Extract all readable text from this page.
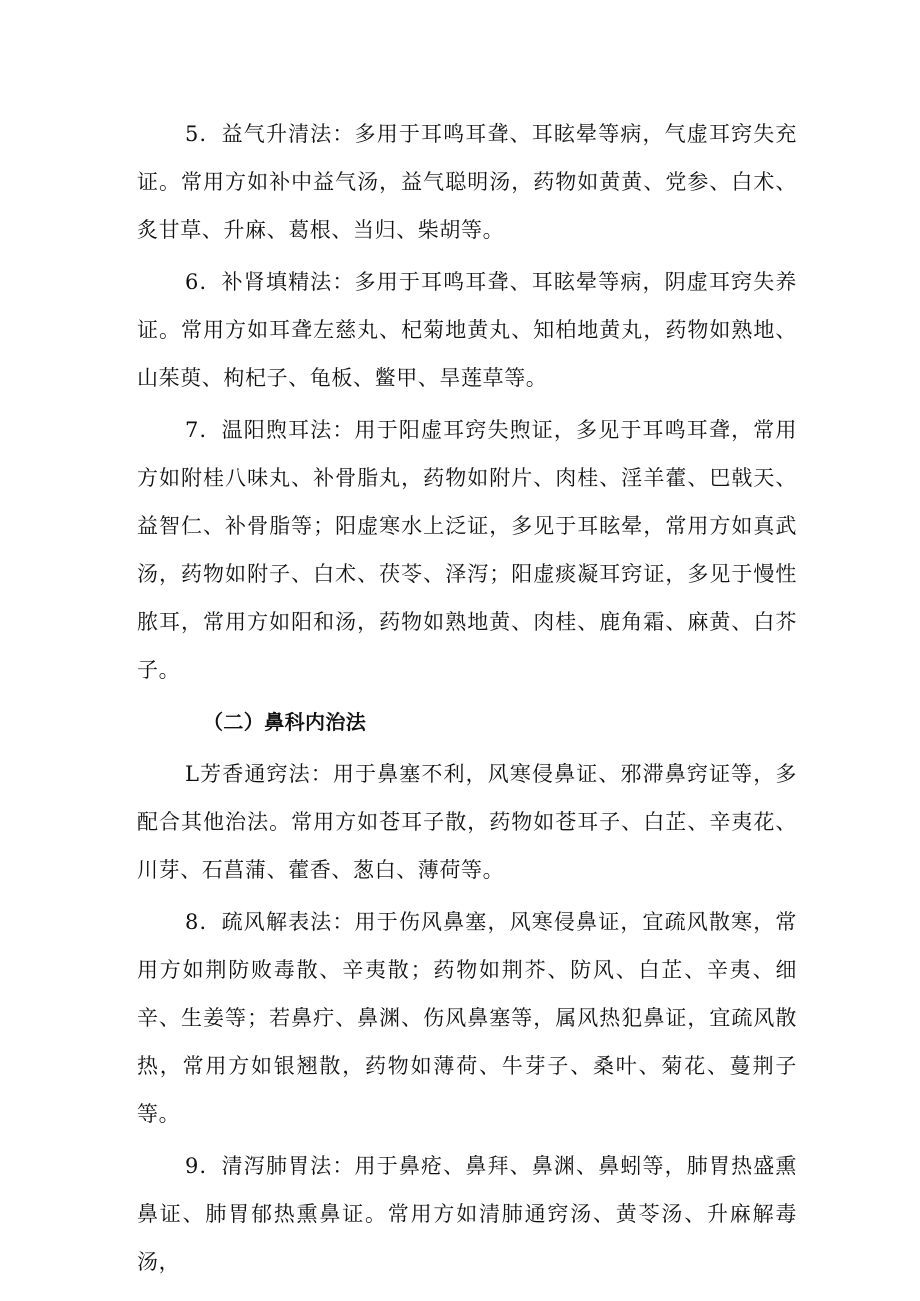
5．益气升清法：多用于耳鸣耳聋、耳眩晕等病，气虚耳窍失充证。常用方如补中益气汤，益气聪明汤，药物如黄黄、党参、白术、炙甘草、升麻、葛根、当归、柴胡等。

6．补肾填精法：多用于耳鸣耳聋、耳眩晕等病，阴虚耳窍失养证。常用方如耳聋左慈丸、杞菊地黄丸、知柏地黄丸，药物如熟地、山茱萸、枸杞子、龟板、鳖甲、旱莲草等。

7．温阳煦耳法：用于阳虚耳窍失煦证，多见于耳鸣耳聋，常用方如附桂八味丸、补骨脂丸，药物如附片、肉桂、淫羊藿、巴戟天、益智仁、补骨脂等；阳虚寒水上泛证，多见于耳眩晕，常用方如真武汤，药物如附子、白术、茯苓、泽泻；阳虚痰凝耳窍证，多见于慢性脓耳，常用方如阳和汤，药物如熟地黄、肉桂、鹿角霜、麻黄、白芥子。

（二）鼻科内治法

L芳香通窍法：用于鼻塞不利，风寒侵鼻证、邪滞鼻窍证等，多配合其他治法。常用方如苍耳子散，药物如苍耳子、白芷、辛夷花、川芽、石菖蒲、藿香、葱白、薄荷等。

8．疏风解表法：用于伤风鼻塞，风寒侵鼻证，宜疏风散寒，常用方如荆防败毒散、辛夷散；药物如荆芥、防风、白芷、辛夷、细辛、生姜等；若鼻疔、鼻渊、伤风鼻塞等，属风热犯鼻证，宜疏风散热，常用方如银翘散，药物如薄荷、牛芽子、桑叶、菊花、蔓荆子等。

9．清泻肺胃法：用于鼻疮、鼻拜、鼻渊、鼻蚓等，肺胃热盛熏鼻证、肺胃郁热熏鼻证。常用方如清肺通窍汤、黄苓汤、升麻解毒汤，
